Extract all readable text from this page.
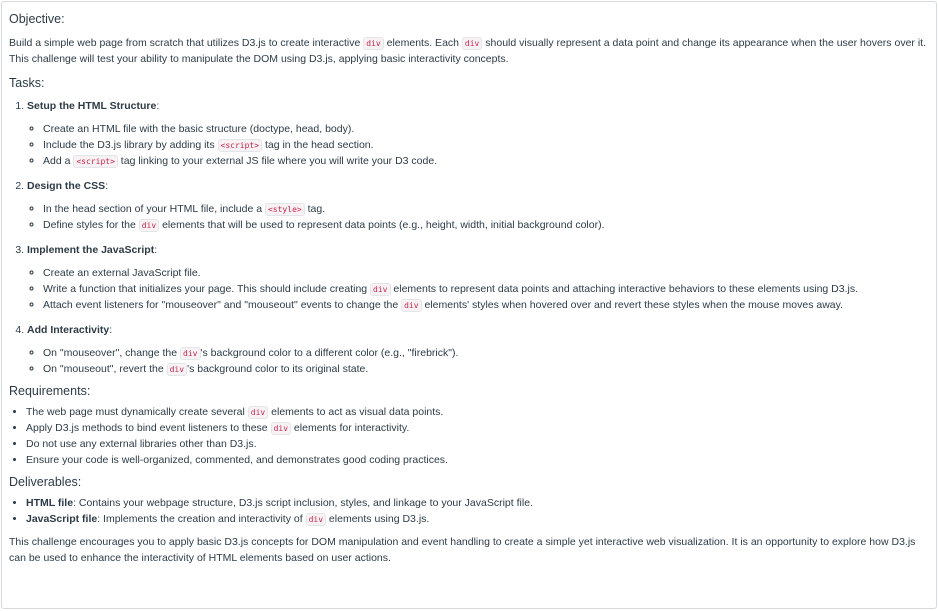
Objective:

Build a simple web page from scratch that utilizes D3.js to create interactive div elements. Each div should visually represent a data point and change its appearance when the user hovers over it. This challenge will test your ability to manipulate the DOM using D3.js, applying basic interactivity concepts.

Tasks:

1. Setup the HTML Structure:

◦ Create an HTML file with the basic structure (doctype, head, body).
◦ Include the D3.js library by adding its <script> tag in the head section.
◦ Add a <script> tag linking to your external JS file where you will write your D3 code.

2. Design the CSS:

◦ In the head section of your HTML file, include a <style> tag.
◦ Define styles for the div elements that will be used to represent data points (e.g., height, width, initial background color).

3. Implement the JavaScript:

◦ Create an external JavaScript file.
◦ Write a function that initializes your page. This should include creating div elements to represent data points and attaching interactive behaviors to these elements using D3.js.
◦ Attach event listeners for "mouseover" and "mouseout" events to change the div elements' styles when hovered over and revert these styles when the mouse moves away.

4. Add Interactivity:

◦ On "mouseover", change the div 's background color to a different color (e.g., "firebrick").
◦ On "mouseout", revert the div 's background color to its original state.
Requirements:
• The web page must dynamically create several div elements to act as visual data points.
• Apply D3.js methods to bind event listeners to these div elements for interactivity.
• Do not use any external libraries other than D3.js.
• Ensure your code is well-organized, commented, and demonstrates good coding practices.
Deliverables:
• HTML file: Contains your webpage structure, D3.js script inclusion, styles, and linkage to your JavaScript file.
• JavaScript file: Implements the creation and interactivity of div elements using D3.js.

This challenge encourages you to apply basic D3.js concepts for DOM manipulation and event handling to create a simple yet interactive web visualization. It is an opportunity to explore how D3.js can be used to enhance the interactivity of HTML elements based on user actions.
